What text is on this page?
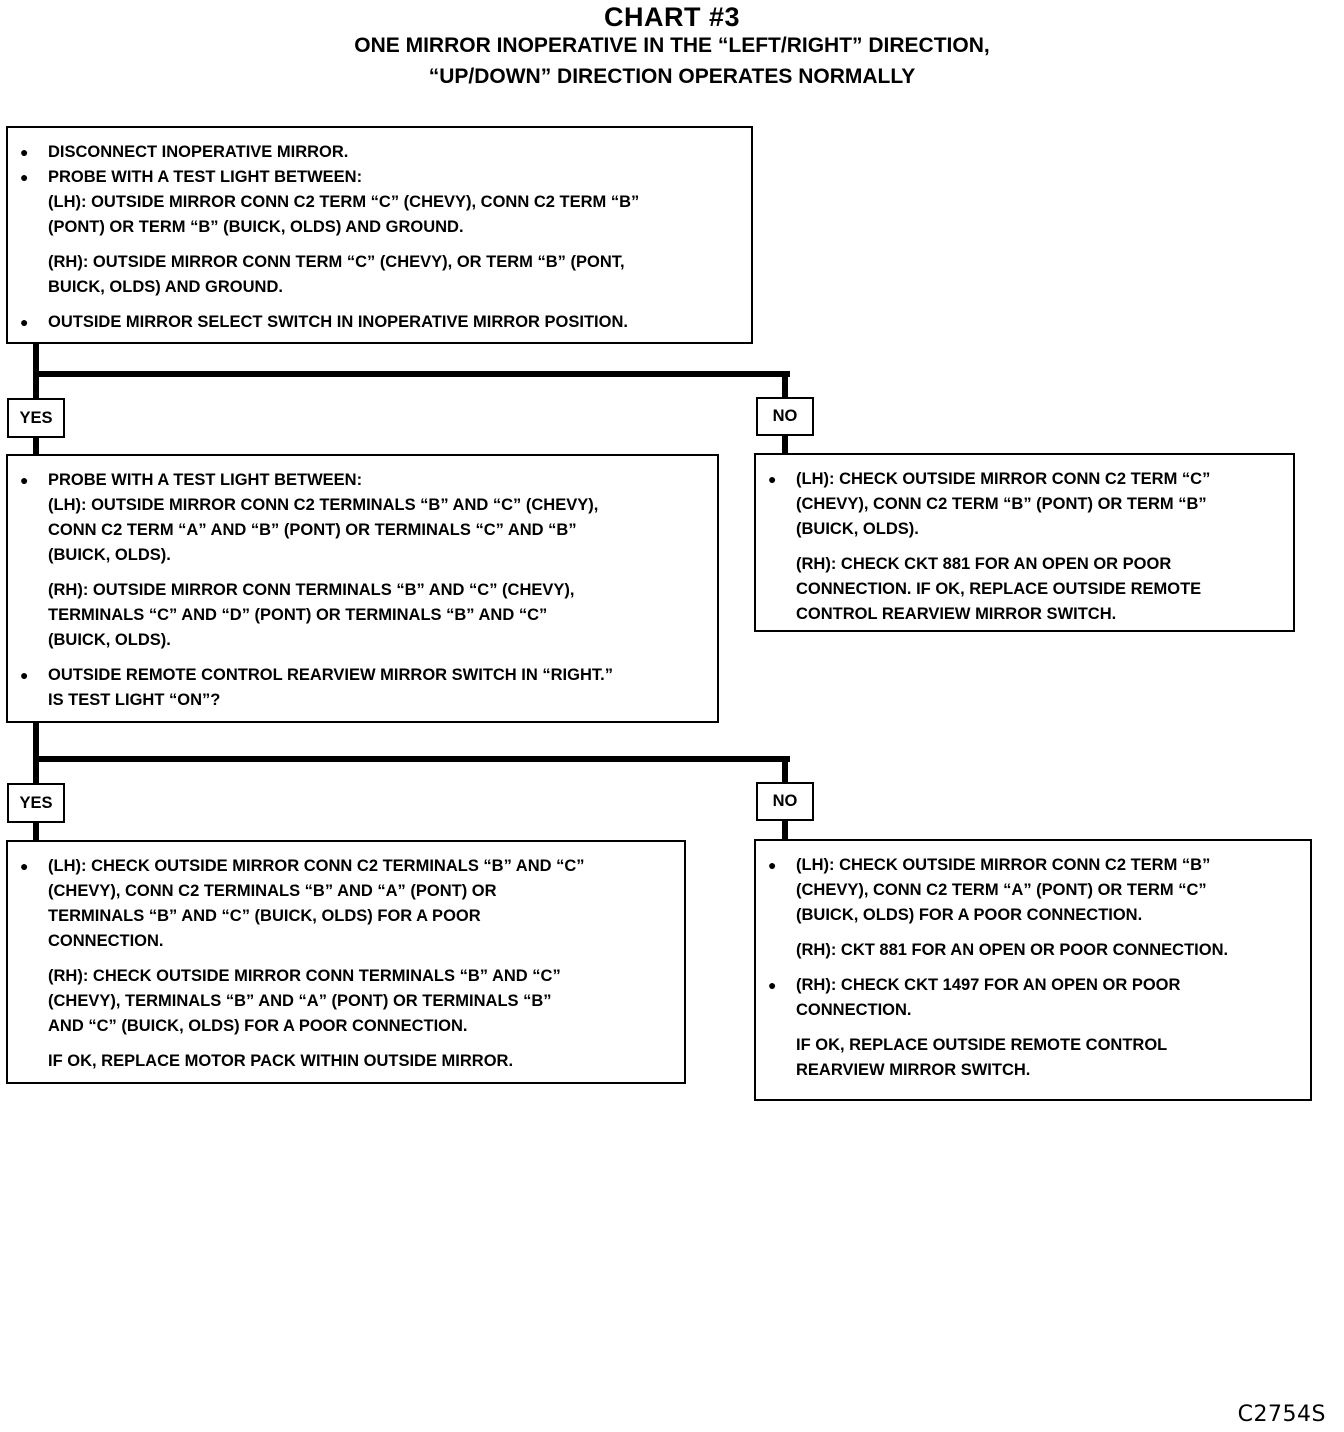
CHART #3
ONE MIRROR INOPERATIVE IN THE “LEFT/RIGHT” DIRECTION,
“UP/DOWN” DIRECTION OPERATES NORMALLY
●	DISCONNECT INOPERATIVE MIRROR.
●	PROBE WITH A TEST LIGHT BETWEEN:
(LH): OUTSIDE MIRROR CONN C2 TERM “C” (CHEVY), CONN C2 TERM “B”
(PONT) OR TERM “B” (BUICK, OLDS) AND GROUND.
(RH): OUTSIDE MIRROR CONN TERM “C” (CHEVY), OR TERM “B” (PONT,
BUICK, OLDS) AND GROUND.
●	OUTSIDE MIRROR SELECT SWITCH IN INOPERATIVE MIRROR POSITION.
YES	NO
●	PROBE WITH A TEST LIGHT BETWEEN:
(LH): OUTSIDE MIRROR CONN C2 TERMINALS “B” AND “C” (CHEVY),
CONN C2 TERM “A” AND “B” (PONT) OR TERMINALS “C” AND “B”
(BUICK, OLDS).
(RH): OUTSIDE MIRROR CONN TERMINALS “B” AND “C” (CHEVY),
TERMINALS “C” AND “D” (PONT) OR TERMINALS “B” AND “C”
(BUICK, OLDS).
●	OUTSIDE REMOTE CONTROL REARVIEW MIRROR SWITCH IN “RIGHT.”
IS TEST LIGHT “ON”?
●	(LH): CHECK OUTSIDE MIRROR CONN C2 TERM “C”
(CHEVY), CONN C2 TERM “B” (PONT) OR TERM “B”
(BUICK, OLDS).
(RH): CHECK CKT 881 FOR AN OPEN OR POOR
CONNECTION. IF OK, REPLACE OUTSIDE REMOTE
CONTROL REARVIEW MIRROR SWITCH.
YES	NO
●	(LH): CHECK OUTSIDE MIRROR CONN C2 TERMINALS “B” AND “C”
(CHEVY), CONN C2 TERMINALS “B” AND “A” (PONT) OR
TERMINALS “B” AND “C” (BUICK, OLDS) FOR A POOR
CONNECTION.
(RH): CHECK OUTSIDE MIRROR CONN TERMINALS “B” AND “C”
(CHEVY), TERMINALS “B” AND “A” (PONT) OR TERMINALS “B”
AND “C” (BUICK, OLDS) FOR A POOR CONNECTION.
IF OK, REPLACE MOTOR PACK WITHIN OUTSIDE MIRROR.
●	(LH): CHECK OUTSIDE MIRROR CONN C2 TERM “B”
(CHEVY), CONN C2 TERM “A” (PONT) OR TERM “C”
(BUICK, OLDS) FOR A POOR CONNECTION.
(RH): CKT 881 FOR AN OPEN OR POOR CONNECTION.
●	(RH): CHECK CKT 1497 FOR AN OPEN OR POOR
CONNECTION.
IF OK, REPLACE OUTSIDE REMOTE CONTROL
REARVIEW MIRROR SWITCH.
C2754S
